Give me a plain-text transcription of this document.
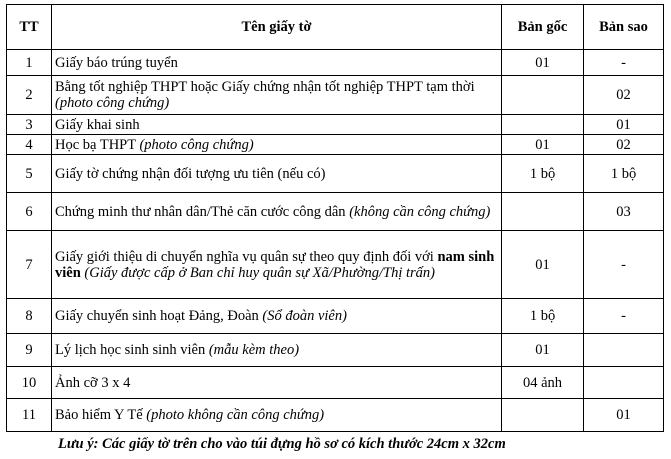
TT	Tên giấy tờ	Bản gốc	Bản sao
1	Giấy báo trúng tuyển	01	-
2	Bằng tốt nghiệp THPT hoặc Giấy chứng nhận tốt nghiệp THPT tạm thời (photo công chứng)		02
3	Giấy khai sinh		01
4	Học bạ THPT (photo công chứng)	01	02
5	Giấy tờ chứng nhận đối tượng ưu tiên (nếu có)	1 bộ	1 bộ
6	Chứng minh thư nhân dân/Thẻ căn cước công dân (không cần công chứng)		03
7	Giấy giới thiệu di chuyển nghĩa vụ quân sự theo quy định đối với nam sinh viên (Giấy được cấp ở Ban chỉ huy quân sự Xã/Phường/Thị trấn)	01	-
8	Giấy chuyển sinh hoạt Đảng, Đoàn (Sổ đoàn viên)	1 bộ	-
9	Lý lịch học sinh sinh viên (mẫu kèm theo)	01	
10	Ảnh cỡ 3 x 4	04 ảnh	
11	Bảo hiểm Y Tế (photo không cần công chứng)		01
Lưu ý: Các giấy tờ trên cho vào túi đựng hồ sơ có kích thước 24cm x 32cm
